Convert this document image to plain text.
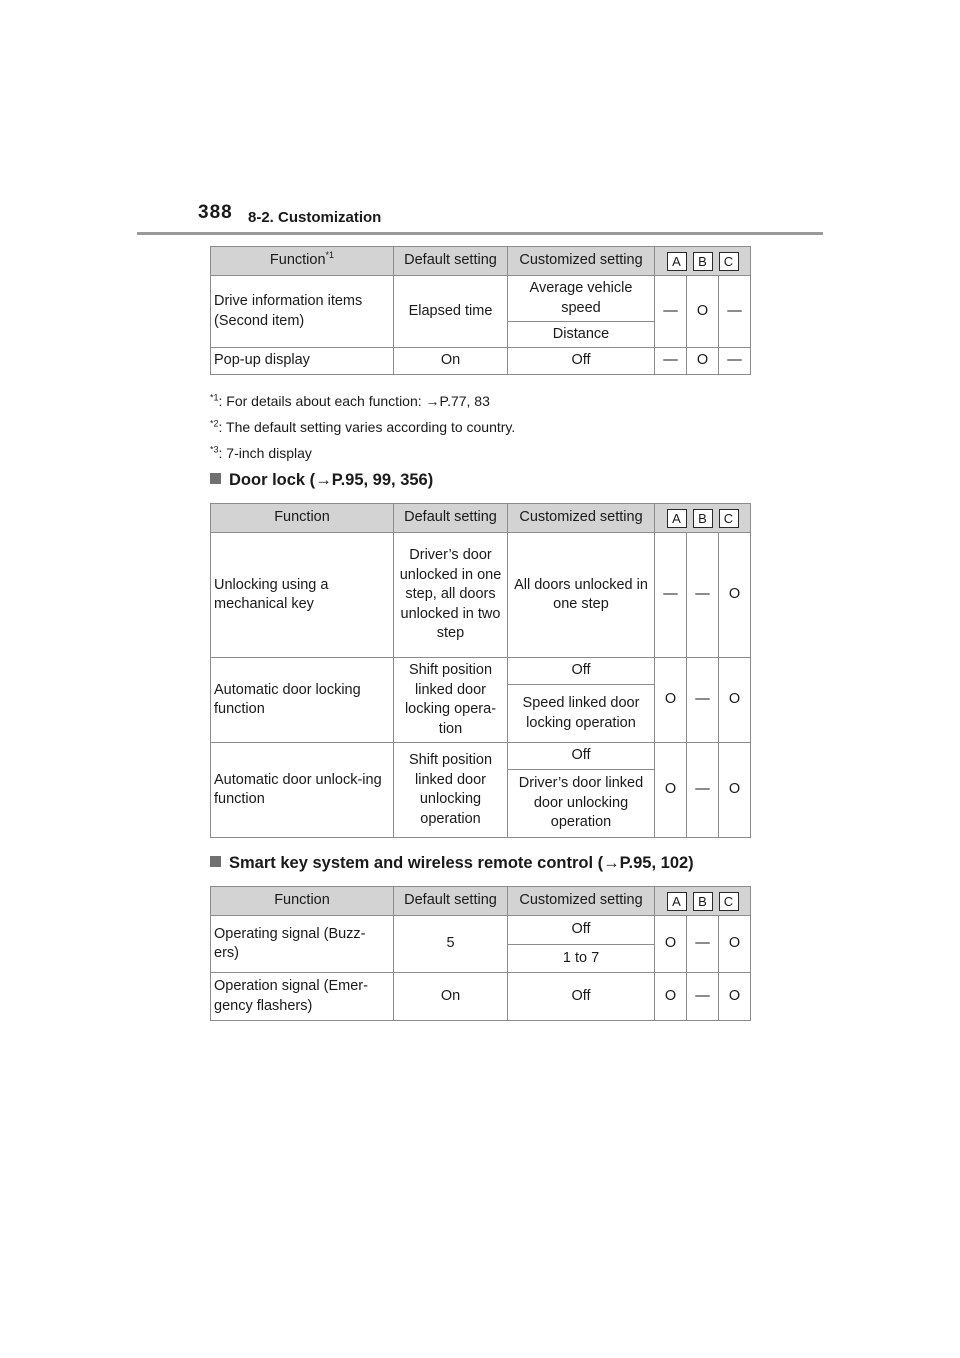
388 8-2. Customization
Function$^{*1}$	Default setting	Customized setting	A B C		

Drive information items (Second item)	Elapsed time	Average vehicle speed	—	O	—
		Distance			
Pop-up display	On	Off	—	O	—
$^{*1}$: For details about each function: →P.77, 83
$^{*2}$: The default setting varies according to country.
$^{*3}$: 7-inch display
Door lock (→P.95, 99, 356)
Function	Default setting	Customized setting	A B C		

Unlocking using a mechanical key	Driver’s door unlocked in one step, all doors unlocked in two step	All doors unlocked in one step	—	—	O
Automatic door locking function	Shift position linked door locking opera-tion	Off	O	—	O
		Speed linked door locking operation			
Automatic door unlock-ing function	Shift position linked door unlocking operation	Off	O	—	O
		Driver’s door linked door unlocking operation			
Smart key system and wireless remote control (→P.95, 102)
Function	Default setting	Customized setting	A B C		

Operating signal (Buzz-ers)	5	Off	O	—	O
		1 to 7			
Operation signal (Emer-gency flashers)	On	Off	O	—	O
